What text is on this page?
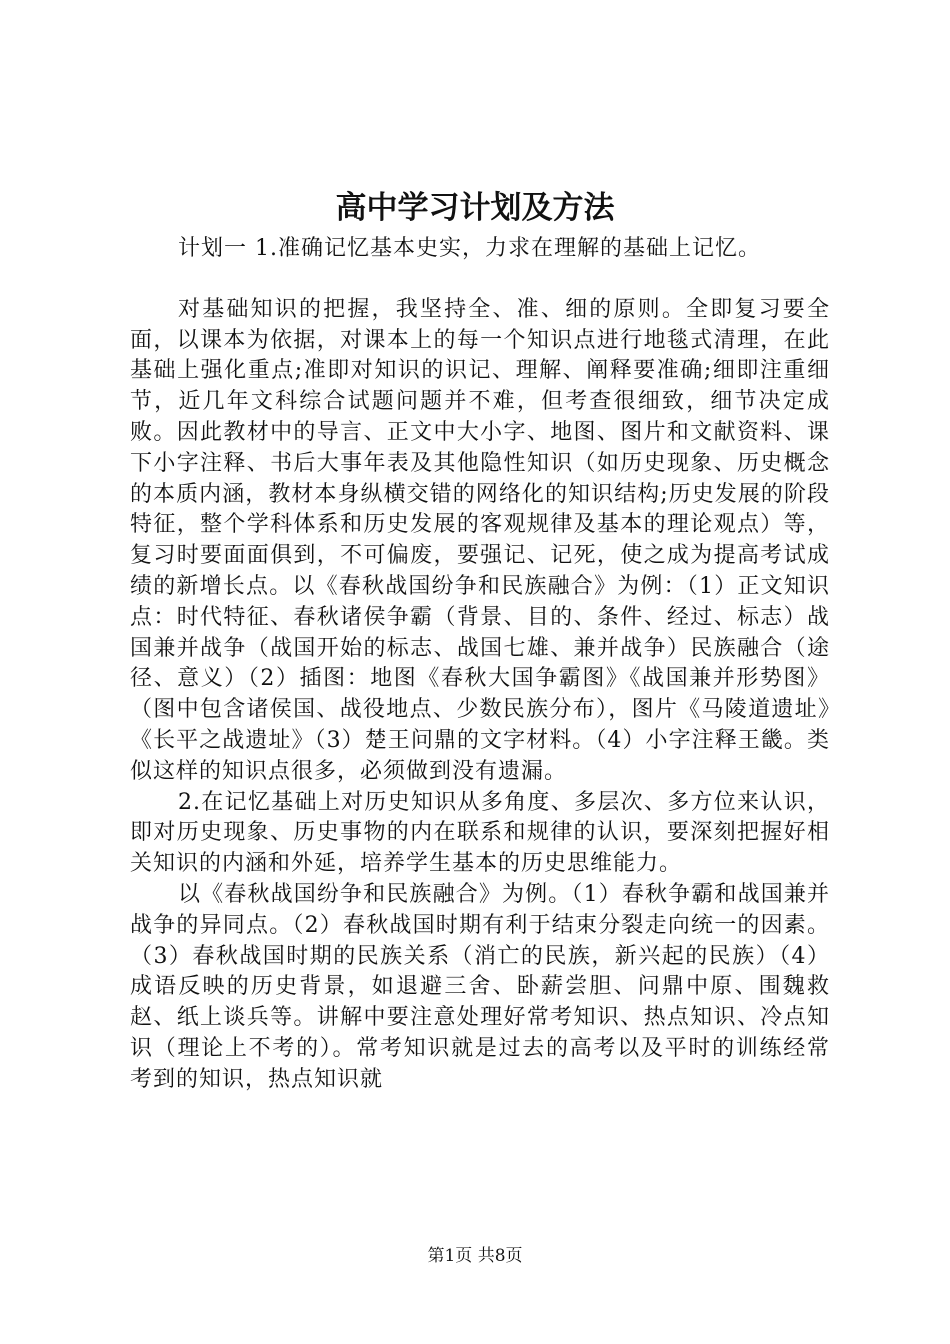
高中学习计划及方法

计划一 1.准确记忆基本史实，力求在理解的基础上记忆。

对基础知识的把握，我坚持全、准、细的原则。全即复习要全面，以课本为依据，对课本上的每一个知识点进行地毯式清理，在此基础上强化重点;准即对知识的识记、理解、阐释要准确;细即注重细节，近几年文科综合试题问题并不难，但考查很细致，细节决定成败。因此教材中的导言、正文中大小字、地图、图片和文献资料、课下小字注释、书后大事年表及其他隐性知识（如历史现象、历史概念的本质内涵，教材本身纵横交错的网络化的知识结构;历史发展的阶段特征，整个学科体系和历史发展的客观规律及基本的理论观点）等，复习时要面面俱到，不可偏废，要强记、记死，使之成为提高考试成绩的新增长点。以《春秋战国纷争和民族融合》为例：（1）正文知识点：时代特征、春秋诸侯争霸（背景、目的、条件、经过、标志）战国兼并战争（战国开始的标志、战国七雄、兼并战争）民族融合（途径、意义）（2）插图：地图《春秋大国争霸图》《战国兼并形势图》（图中包含诸侯国、战役地点、少数民族分布），图片《马陵道遗址》《长平之战遗址》（3）楚王问鼎的文字材料。（4）小字注释王畿。类似这样的知识点很多，必须做到没有遗漏。

2.在记忆基础上对历史知识从多角度、多层次、多方位来认识，即对历史现象、历史事物的内在联系和规律的认识，要深刻把握好相关知识的内涵和外延，培养学生基本的历史思维能力。

以《春秋战国纷争和民族融合》为例。（1）春秋争霸和战国兼并战争的异同点。（2）春秋战国时期有利于结束分裂走向统一的因素。（3）春秋战国时期的民族关系（消亡的民族，新兴起的民族）（4）成语反映的历史背景，如退避三舍、卧薪尝胆、问鼎中原、围魏救赵、纸上谈兵等。讲解中要注意处理好常考知识、热点知识、冷点知识（理论上不考的）。常考知识就是过去的高考以及平时的训练经常考到的知识，热点知识就

第1页 共8页
